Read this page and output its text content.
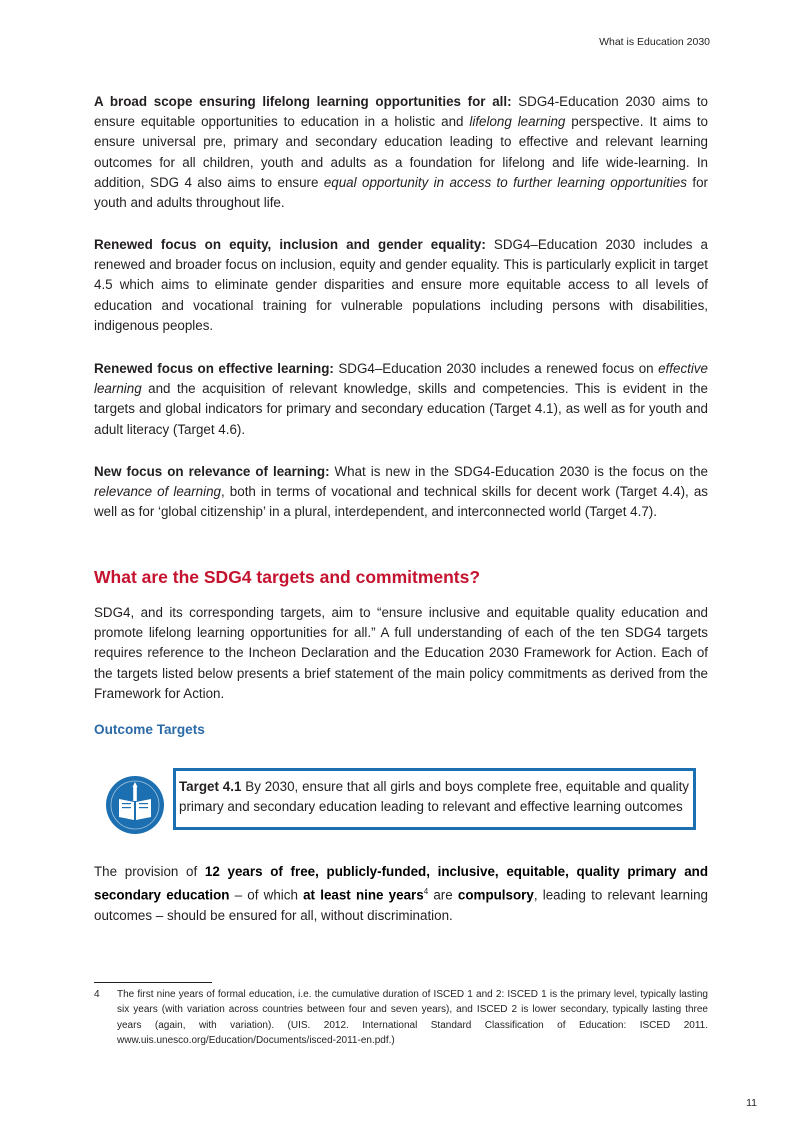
What is Education 2030

A broad scope ensuring lifelong learning opportunities for all: SDG4-Education 2030 aims to ensure equitable opportunities to education in a holistic and lifelong learning perspective. It aims to ensure universal pre, primary and secondary education leading to effective and relevant learning outcomes for all children, youth and adults as a foundation for lifelong and life wide-learning. In addition, SDG 4 also aims to ensure equal opportunity in access to further learning opportunities for youth and adults throughout life.

Renewed focus on equity, inclusion and gender equality: SDG4–Education 2030 includes a renewed and broader focus on inclusion, equity and gender equality. This is particularly explicit in target 4.5 which aims to eliminate gender disparities and ensure more equitable access to all levels of education and vocational training for vulnerable populations including persons with disabilities, indigenous peoples.

Renewed focus on effective learning: SDG4–Education 2030 includes a renewed focus on effective learning and the acquisition of relevant knowledge, skills and competencies. This is evident in the targets and global indicators for primary and secondary education (Target 4.1), as well as for youth and adult literacy (Target 4.6).

New focus on relevance of learning: What is new in the SDG4-Education 2030 is the focus on the relevance of learning, both in terms of vocational and technical skills for decent work (Target 4.4), as well as for ‘global citizenship’ in a plural, interdependent, and interconnected world (Target 4.7).

What are the SDG4 targets and commitments?

SDG4, and its corresponding targets, aim to “ensure inclusive and equitable quality education and promote lifelong learning opportunities for all.” A full understanding of each of the ten SDG4 targets requires reference to the Incheon Declaration and the Education 2030 Framework for Action. Each of the targets listed below presents a brief statement of the main policy commitments as derived from the Framework for Action.

Outcome Targets
Target 4.1 By 2030, ensure that all girls and boys complete free, equitable and quality primary and secondary education leading to relevant and effective learning outcomes

The provision of 12 years of free, publicly-funded, inclusive, equitable, quality primary and secondary education – of which at least nine years$^4$ are compulsory, leading to relevant learning outcomes – should be ensured for all, without discrimination.

4 The first nine years of formal education, i.e. the cumulative duration of ISCED 1 and 2: ISCED 1 is the primary level, typically lasting six years (with variation across countries between four and seven years), and ISCED 2 is lower secondary, typically lasting three years (again, with variation). (UIS. 2012. International Standard Classification of Education: ISCED 2011. www.uis.unesco.org/Education/Documents/isced-2011-en.pdf.)
11
